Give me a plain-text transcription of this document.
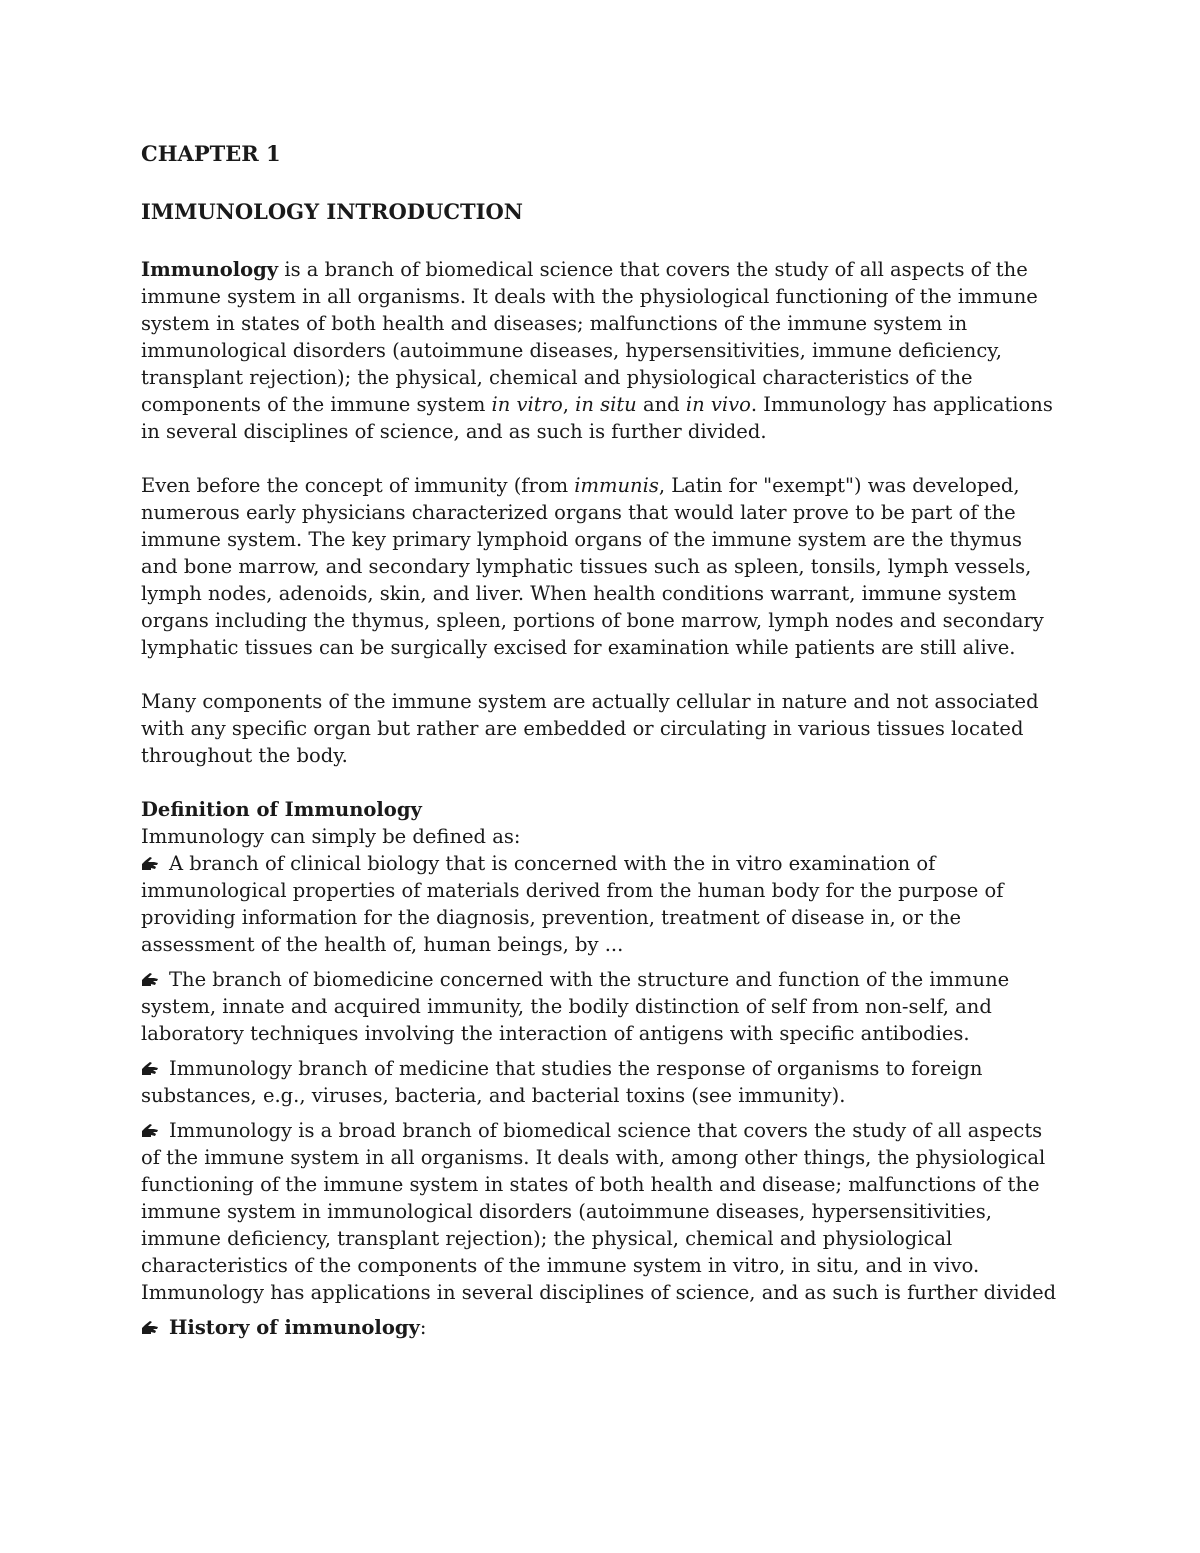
CHAPTER 1

IMMUNOLOGY INTRODUCTION

Immunology is a branch of biomedical science that covers the study of all aspects of the immune system in all organisms. It deals with the physiological functioning of the immune system in states of both health and diseases; malfunctions of the immune system in immunological disorders (autoimmune diseases, hypersensitivities, immune deficiency, transplant rejection); the physical, chemical and physiological characteristics of the components of the immune system in vitro, in situ and in vivo. Immunology has applications in several disciplines of science, and as such is further divided.

Even before the concept of immunity (from immunis, Latin for "exempt") was developed, numerous early physicians characterized organs that would later prove to be part of the immune system. The key primary lymphoid organs of the immune system are the thymus and bone marrow, and secondary lymphatic tissues such as spleen, tonsils, lymph vessels, lymph nodes, adenoids, skin, and liver. When health conditions warrant, immune system organs including the thymus, spleen, portions of bone marrow, lymph nodes and secondary lymphatic tissues can be surgically excised for examination while patients are still alive.

Many components of the immune system are actually cellular in nature and not associated with any specific organ but rather are embedded or circulating in various tissues located throughout the body.

Definition of Immunology

Immunology can simply be defined as:

A branch of clinical biology that is concerned with the in vitro examination of immunological properties of materials derived from the human body for the purpose of providing information for the diagnosis, prevention, treatment of disease in, or the assessment of the health of, human beings, by ...
The branch of biomedicine concerned with the structure and function of the immune system, innate and acquired immunity, the bodily distinction of self from non-self, and laboratory techniques involving the interaction of antigens with specific antibodies.
Immunology branch of medicine that studies the response of organisms to foreign substances, e.g., viruses, bacteria, and bacterial toxins (see immunity).
Immunology is a broad branch of biomedical science that covers the study of all aspects of the immune system in all organisms. It deals with, among other things, the physiological functioning of the immune system in states of both health and disease; malfunctions of the immune system in immunological disorders (autoimmune diseases, hypersensitivities, immune deficiency, transplant rejection); the physical, chemical and physiological characteristics of the components of the immune system in vitro, in situ, and in vivo. Immunology has applications in several disciplines of science, and as such is further divided
History of immunology:
